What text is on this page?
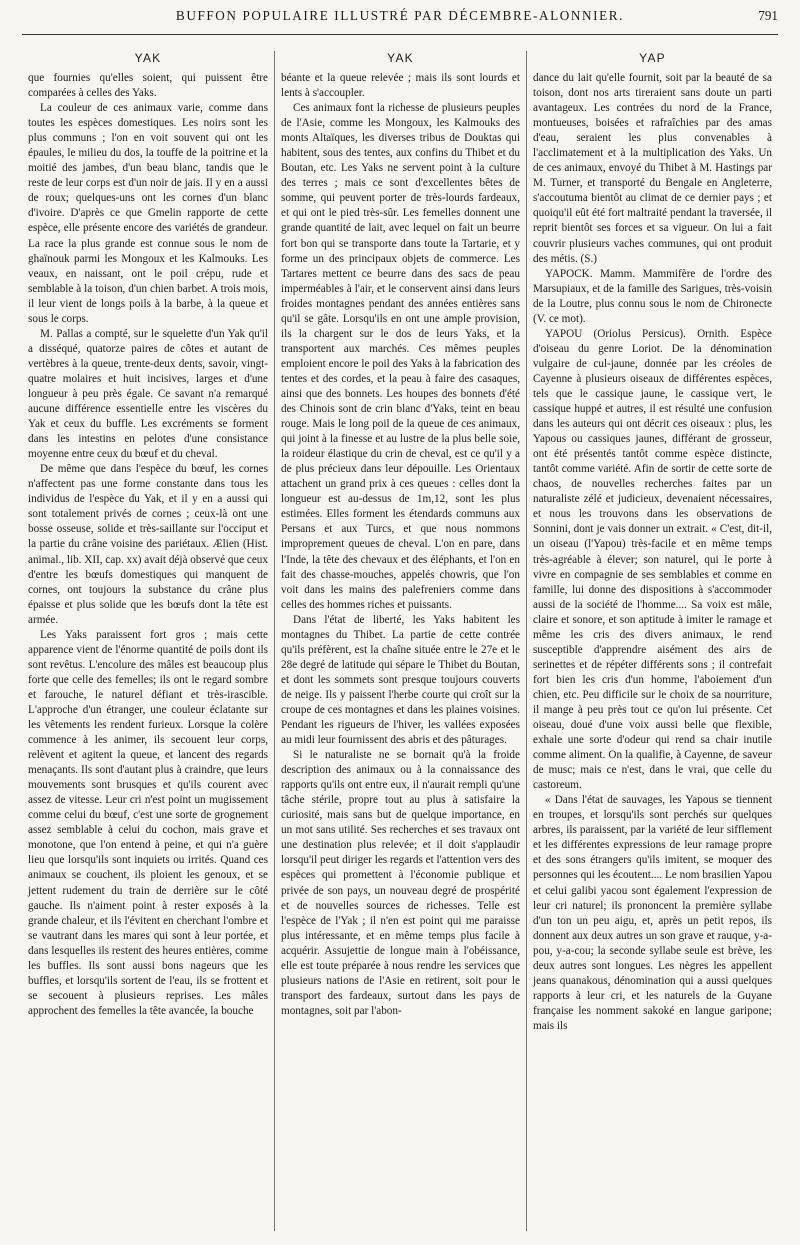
BUFFON POPULAIRE ILLUSTRÉ PAR DÉCEMBRE-ALONNIER.	791
YAK

que fournies qu'elles soient, qui puissent être comparées à celles des Yaks.

La couleur de ces animaux varie, comme dans toutes les espèces domestiques. Les noirs sont les plus communs ; l'on en voit souvent qui ont les épaules, le milieu du dos, la touffe de la poitrine et la moitié des jambes, d'un beau blanc, tandis que le reste de leur corps est d'un noir de jais. Il y en a aussi de roux; quelques-uns ont les cornes d'un blanc d'ivoire. D'après ce que Gmelin rapporte de cette espèce, elle présente encore des variétés de grandeur. La race la plus grande est connue sous le nom de ghaïnouk parmi les Mongoux et les Kalmouks. Les veaux, en naissant, ont le poil crépu, rude et semblable à la toison, d'un chien barbet. A trois mois, il leur vient de longs poils à la barbe, à la queue et sous le corps.

M. Pallas a compté, sur le squelette d'un Yak qu'il a disséqué, quatorze paires de côtes et autant de vertèbres à la queue, trente-deux dents, savoir, vingt-quatre molaires et huit incisives, larges et d'une longueur à peu près égale. Ce savant n'a remarqué aucune différence essentielle entre les viscères du Yak et ceux du buffle. Les excréments se forment dans les intestins en pelotes d'une consistance moyenne entre ceux du bœuf et du cheval.

De même que dans l'espèce du bœuf, les cornes n'affectent pas une forme constante dans tous les individus de l'espèce du Yak, et il y en a aussi qui sont totalement privés de cornes ; ceux-là ont une bosse osseuse, solide et très-saillante sur l'occiput et la partie du crâne voisine des pariétaux. Ælien (Hist. animal., lib. XII, cap. xx) avait déjà observé que ceux d'entre les bœufs domestiques qui manquent de cornes, ont toujours la substance du crâne plus épaisse et plus solide que les bœufs dont la tête est armée.

Les Yaks paraissent fort gros ; mais cette apparence vient de l'énorme quantité de poils dont ils sont revêtus. L'encolure des mâles est beaucoup plus forte que celle des femelles; ils ont le regard sombre et farouche, le naturel défiant et très-irascible. L'approche d'un étranger, une couleur éclatante sur les vêtements les rendent furieux. Lorsque la colère commence à les animer, ils secouent leur corps, relèvent et agitent la queue, et lancent des regards menaçants. Ils sont d'autant plus à craindre, que leurs mouvements sont brusques et qu'ils courent avec assez de vitesse. Leur cri n'est point un mugissement comme celui du bœuf, c'est une sorte de grognement assez semblable à celui du cochon, mais grave et monotone, que l'on entend à peine, et qui n'a guère lieu que lorsqu'ils sont inquiets ou irrités. Quand ces animaux se couchent, ils ploient les genoux, et se jettent rudement du train de derrière sur le côté gauche. Ils n'aiment point à rester exposés à la grande chaleur, et ils l'évitent en cherchant l'ombre et se vautrant dans les mares qui sont à leur portée, et dans lesquelles ils restent des heures entières, comme les buffles. Ils sont aussi bons nageurs que les buffles, et lorsqu'ils sortent de l'eau, ils se frottent et se secouent à plusieurs reprises. Les mâles approchent des femelles la tête avancée, la bouche

YAK

béante et la queue relevée ; mais ils sont lourds et lents à s'accoupler.

Ces animaux font la richesse de plusieurs peuples de l'Asie, comme les Mongoux, les Kalmouks des monts Altaïques, les diverses tribus de Douktas qui habitent, sous des tentes, aux confins du Thibet et du Boutan, etc. Les Yaks ne servent point à la culture des terres ; mais ce sont d'excellentes bêtes de somme, qui peuvent porter de très-lourds fardeaux, et qui ont le pied très-sûr. Les femelles donnent une grande quantité de lait, avec lequel on fait un beurre fort bon qui se transporte dans toute la Tartarie, et y forme un des principaux objets de commerce. Les Tartares mettent ce beurre dans des sacs de peau imperméables à l'air, et le conservent ainsi dans leurs froides montagnes pendant des années entières sans qu'il se gâte. Lorsqu'ils en ont une ample provision, ils la chargent sur le dos de leurs Yaks, et la transportent aux marchés. Ces mêmes peuples emploient encore le poil des Yaks à la fabrication des tentes et des cordes, et la peau à faire des casaques, ainsi que des bonnets. Les houpes des bonnets d'été des Chinois sont de crin blanc d'Yaks, teint en beau rouge. Mais le long poil de la queue de ces animaux, qui joint à la finesse et au lustre de la plus belle soie, la roideur élastique du crin de cheval, est ce qu'il y a de plus précieux dans leur dépouille. Les Orientaux attachent un grand prix à ces queues : celles dont la longueur est au-dessus de 1m,12, sont les plus estimées. Elles forment les étendards communs aux Persans et aux Turcs, et que nous nommons improprement queues de cheval. L'on en pare, dans l'Inde, la tête des chevaux et des éléphants, et l'on en fait des chasse-mouches, appelés chowris, que l'on voit dans les mains des palefreniers comme dans celles des hommes riches et puissants.

Dans l'état de liberté, les Yaks habitent les montagnes du Thibet. La partie de cette contrée qu'ils préfèrent, est la chaîne située entre le 27e et le 28e degré de latitude qui sépare le Thibet du Boutan, et dont les sommets sont presque toujours couverts de neige. Ils y paissent l'herbe courte qui croît sur la croupe de ces montagnes et dans les plaines voisines. Pendant les rigueurs de l'hiver, les vallées exposées au midi leur fournissent des abris et des pâturages.

Si le naturaliste ne se bornait qu'à la froide description des animaux ou à la connaissance des rapports qu'ils ont entre eux, il n'aurait rempli qu'une tâche stérile, propre tout au plus à satisfaire la curiosité, mais sans but de quelque importance, en un mot sans utilité. Ses recherches et ses travaux ont une destination plus relevée; et il doit s'applaudir lorsqu'il peut diriger les regards et l'attention vers des espèces qui promettent à l'économie publique et privée de son pays, un nouveau degré de prospérité et de nouvelles sources de richesses. Telle est l'espèce de l'Yak ; il n'en est point qui me paraisse plus intéressante, et en même temps plus facile à acquérir. Assujettie de longue main à l'obéissance, elle est toute préparée à nous rendre les services que plusieurs nations de l'Asie en retirent, soit pour le transport des fardeaux, surtout dans les pays de montagnes, soit par l'abon-

YAP

dance du lait qu'elle fournit, soit par la beauté de sa toison, dont nos arts tireraient sans doute un parti avantageux. Les contrées du nord de la France, montueuses, boisées et rafraîchies par des amas d'eau, seraient les plus convenables à l'acclimatement et à la multiplication des Yaks. Un de ces animaux, envoyé du Thibet à M. Hastings par M. Turner, et transporté du Bengale en Angleterre, s'accoutuma bientôt au climat de ce dernier pays ; et quoiqu'il eût été fort maltraité pendant la traversée, il reprit bientôt ses forces et sa vigueur. On lui a fait couvrir plusieurs vaches communes, qui ont produit des métis. (S.)

YAPOCK. Mamm. Mammifère de l'ordre des Marsupiaux, et de la famille des Sarigues, très-voisin de la Loutre, plus connu sous le nom de Chironecte (V. ce mot).

YAPOU (Oriolus Persicus). Ornith. Espèce d'oiseau du genre Loriot. De la dénomination vulgaire de cul-jaune, donnée par les créoles de Cayenne à plusieurs oiseaux de différentes espèces, tels que le cassique jaune, le cassique vert, le cassique huppé et autres, il est résulté une confusion dans les auteurs qui ont décrit ces oiseaux : plus, les Yapous ou cassiques jaunes, différant de grosseur, ont été présentés tantôt comme espèce distincte, tantôt comme variété. Afin de sortir de cette sorte de chaos, de nouvelles recherches faites par un naturaliste zélé et judicieux, devenaient nécessaires, et nous les trouvons dans les observations de Sonnini, dont je vais donner un extrait. « C'est, dit-il, un oiseau (l'Yapou) très-facile et en même temps très-agréable à élever; son naturel, qui le porte à vivre en compagnie de ses semblables et comme en famille, lui donne des dispositions à s'accommoder aussi de la société de l'homme.... Sa voix est mâle, claire et sonore, et son aptitude à imiter le ramage et même les cris des divers animaux, le rend susceptible d'apprendre aisément des airs de serinettes et de répéter différents sons ; il contrefait fort bien les cris d'un homme, l'aboiement d'un chien, etc. Peu difficile sur le choix de sa nourriture, il mange à peu près tout ce qu'on lui présente. Cet oiseau, doué d'une voix aussi belle que flexible, exhale une sorte d'odeur qui rend sa chair inutile comme aliment. On la qualifie, à Cayenne, de saveur de musc; mais ce n'est, dans le vrai, que celle du castoreum.

« Dans l'état de sauvages, les Yapous se tiennent en troupes, et lorsqu'ils sont perchés sur quelques arbres, ils paraissent, par la variété de leur sifflement et les différentes expressions de leur ramage propre et des sons étrangers qu'ils imitent, se moquer des personnes qui les écoutent.... Le nom brasilien Yapou et celui galibi yacou sont également l'expression de leur cri naturel; ils prononcent la première syllabe d'un ton un peu aigu, et, après un petit repos, ils donnent aux deux autres un son grave et rauque, y-a-pou, y-a-cou; la seconde syllabe seule est brève, les deux autres sont longues. Les nègres les appellent jeans quanakous, dénomination qui a aussi quelques rapports à leur cri, et les naturels de la Guyane française les nomment sakoké en langue garipone; mais ils
